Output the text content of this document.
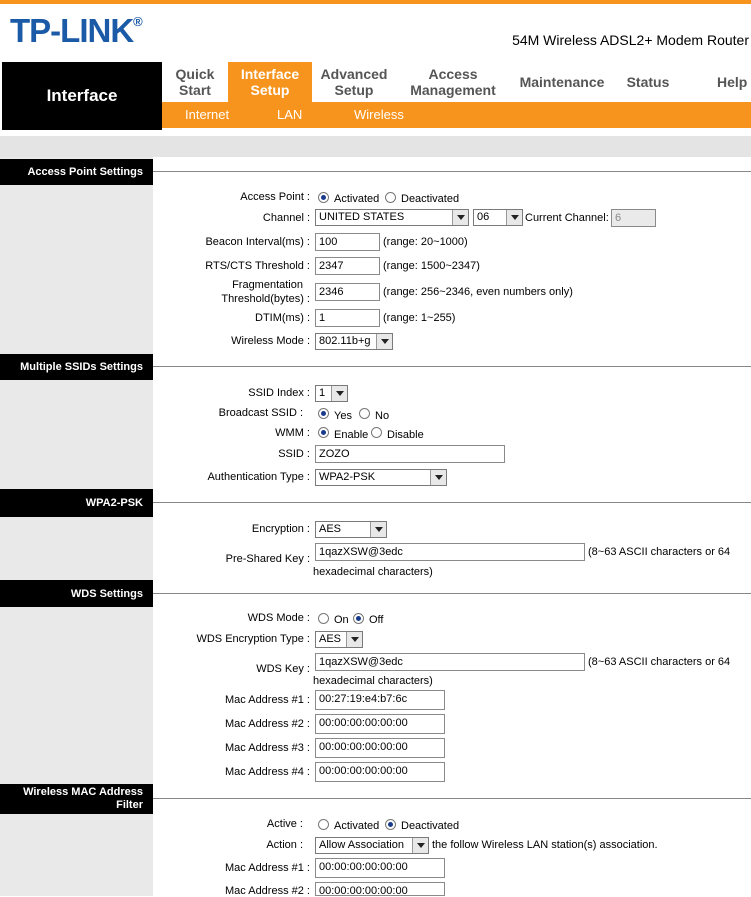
TP-LINK®
54M Wireless ADSL2+ Modem Router
Interface
Quick
Start
Interface
Setup
Advanced
Setup
Access
Management Maintenance Status	Help
Internet	LAN	Wireless
Access Point Settings
Access Point : Activated Deactivated
Channel : UNITED STATES	06	Current Channel: 6
Beacon Interval(ms) : 100	(range: 20~1000)
RTS/CTS Threshold : 2347	(range: 1500~2347)
Fragmentation
Threshold(bytes) :
2346	(range: 256~2346, even numbers only)
DTIM(ms) : 1	(range: 1~255)
Wireless Mode : 802.11b+g
Multiple SSIDs Settings
SSID Index : 1
Broadcast SSID :	Yes No
WMM : Enable Disable
SSID : ZOZO
Authentication Type : WPA2-PSK
WPA2-PSK
Encryption : AES
Pre-Shared Key :
1qazXSW@3edc	(8~63 ASCII characters or 64
hexadecimal characters)
WDS Settings
WDS Mode : On Off
WDS Encryption Type : AES
WDS Key :
1qazXSW@3edc	(8~63 ASCII characters or 64
hexadecimal characters)
Mac Address #1 : 00:27:19:e4:b7:6c
Mac Address #2 : 00:00:00:00:00:00
Mac Address #3 : 00:00:00:00:00:00
Mac Address #4 : 00:00:00:00:00:00
Wireless MAC Address
Filter
Active :	Activated Deactivated
Action :	Allow Association	the follow Wireless LAN station(s) association.
Mac Address #1 : 00:00:00:00:00:00
Mac Address #2 : 00:00:00:00:00:00
